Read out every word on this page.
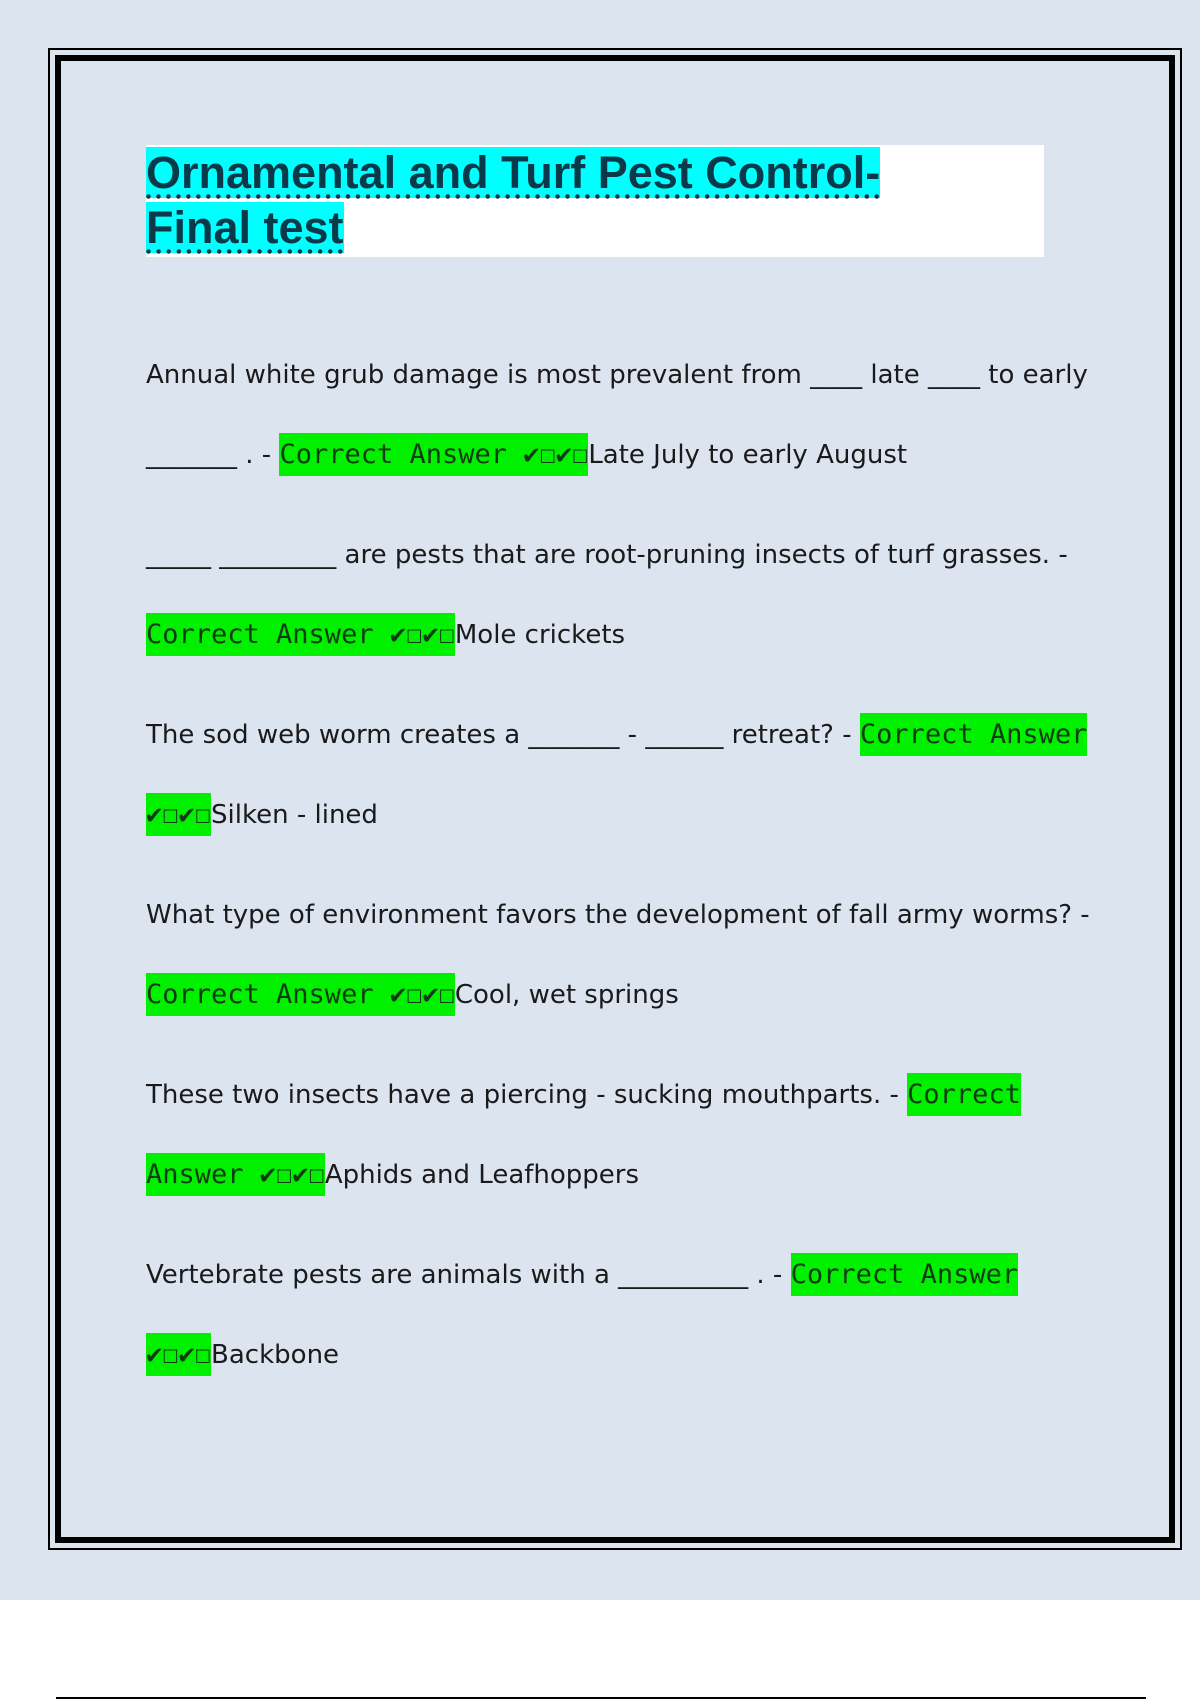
Ornamental and Turf Pest Control- Final test
Annual white grub damage is most prevalent from ____ late ____ to early _______ . - Correct Answer ✔☐✔☐Late July to early August
_____ _________ are pests that are root-pruning insects of turf grasses. - Correct Answer ✔☐✔☐Mole crickets
The sod web worm creates a _______ - ______ retreat? - Correct Answer ✔☐✔☐Silken - lined
What type of environment favors the development of fall army worms? - Correct Answer ✔☐✔☐Cool, wet springs
These two insects have a piercing - sucking mouthparts. - Correct Answer ✔☐✔☐Aphids and Leafhoppers
Vertebrate pests are animals with a __________ . - Correct Answer ✔☐✔☐Backbone
